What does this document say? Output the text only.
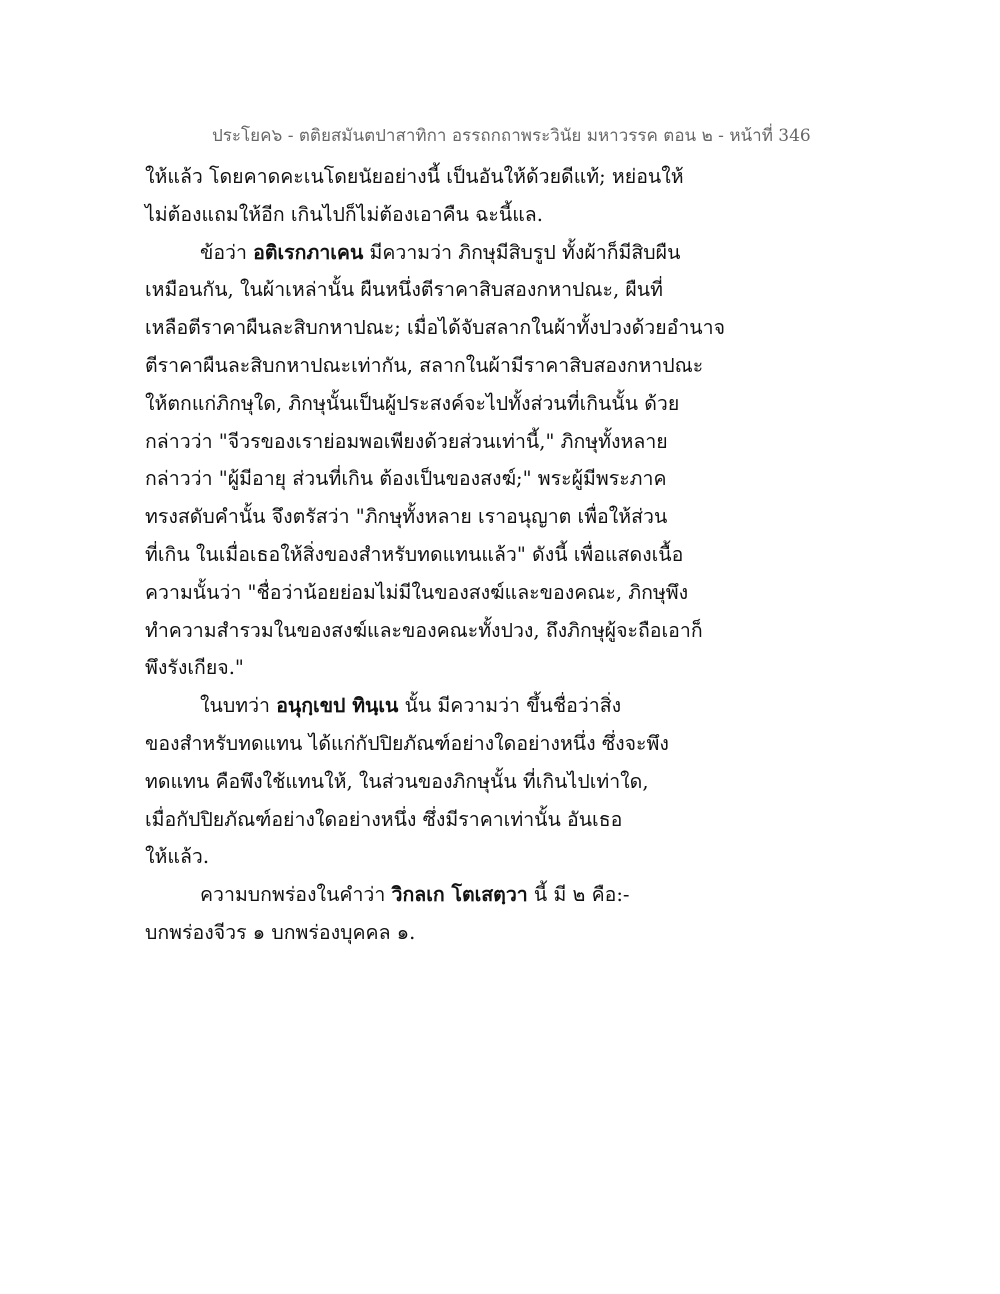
ประโยค๖ - ตติยสมันตปาสาทิกา อรรถกถาพระวินัย มหาวรรค ตอน ๒ - หน้าที่ 346
ให้แล้ว โดยคาดคะเนโดยนัยอย่างนี้ เป็นอันให้ด้วยดีแท้; หย่อนให้
ไม่ต้องแถมให้อีก เกินไปก็ไม่ต้องเอาคืน ฉะนี้แล.
ข้อว่า อติเรกภาเคน มีความว่า ภิกษุมีสิบรูป ทั้งผ้าก็มีสิบผืน
เหมือนกัน, ในผ้าเหล่านั้น ผืนหนึ่งตีราคาสิบสองกหาปณะ, ผืนที่
เหลือตีราคาผืนละสิบกหาปณะ; เมื่อได้จับสลากในผ้าทั้งปวงด้วยอำนาจ
ตีราคาผืนละสิบกหาปณะเท่ากัน, สลากในผ้ามีราคาสิบสองกหาปณะ
ให้ตกแก่ภิกษุใด, ภิกษุนั้นเป็นผู้ประสงค์จะไปทั้งส่วนที่เกินนั้น ด้วย
กล่าวว่า "จีวรของเราย่อมพอเพียงด้วยส่วนเท่านี้," ภิกษุทั้งหลาย
กล่าวว่า "ผู้มีอายุ ส่วนที่เกิน ต้องเป็นของสงฆ์;" พระผู้มีพระภาค
ทรงสดับคำนั้น จึงตรัสว่า "ภิกษุทั้งหลาย เราอนุญาต เพื่อให้ส่วน
ที่เกิน ในเมื่อเธอให้สิ่งของสำหรับทดแทนแล้ว" ดังนี้ เพื่อแสดงเนื้อ
ความนั้นว่า "ชื่อว่าน้อยย่อมไม่มีในของสงฆ์และของคณะ, ภิกษุพึง
ทำความสำรวมในของสงฆ์และของคณะทั้งปวง, ถึงภิกษุผู้จะถือเอาก็
พึงรังเกียจ."
ในบทว่า อนุกฺเขป ทินฺเน นั้น มีความว่า ขึ้นชื่อว่าสิ่ง
ของสำหรับทดแทน ได้แก่กัปปิยภัณฑ์อย่างใดอย่างหนึ่ง ซึ่งจะพึง
ทดแทน คือพึงใช้แทนให้, ในส่วนของภิกษุนั้น ที่เกินไปเท่าใด,
เมื่อกัปปิยภัณฑ์อย่างใดอย่างหนึ่ง ซึ่งมีราคาเท่านั้น อันเธอ
ให้แล้ว.
ความบกพร่องในคำว่า วิกลเก โตเสตฺวา นี้ มี ๒ คือ:-
บกพร่องจีวร ๑ บกพร่องบุคคล ๑.
